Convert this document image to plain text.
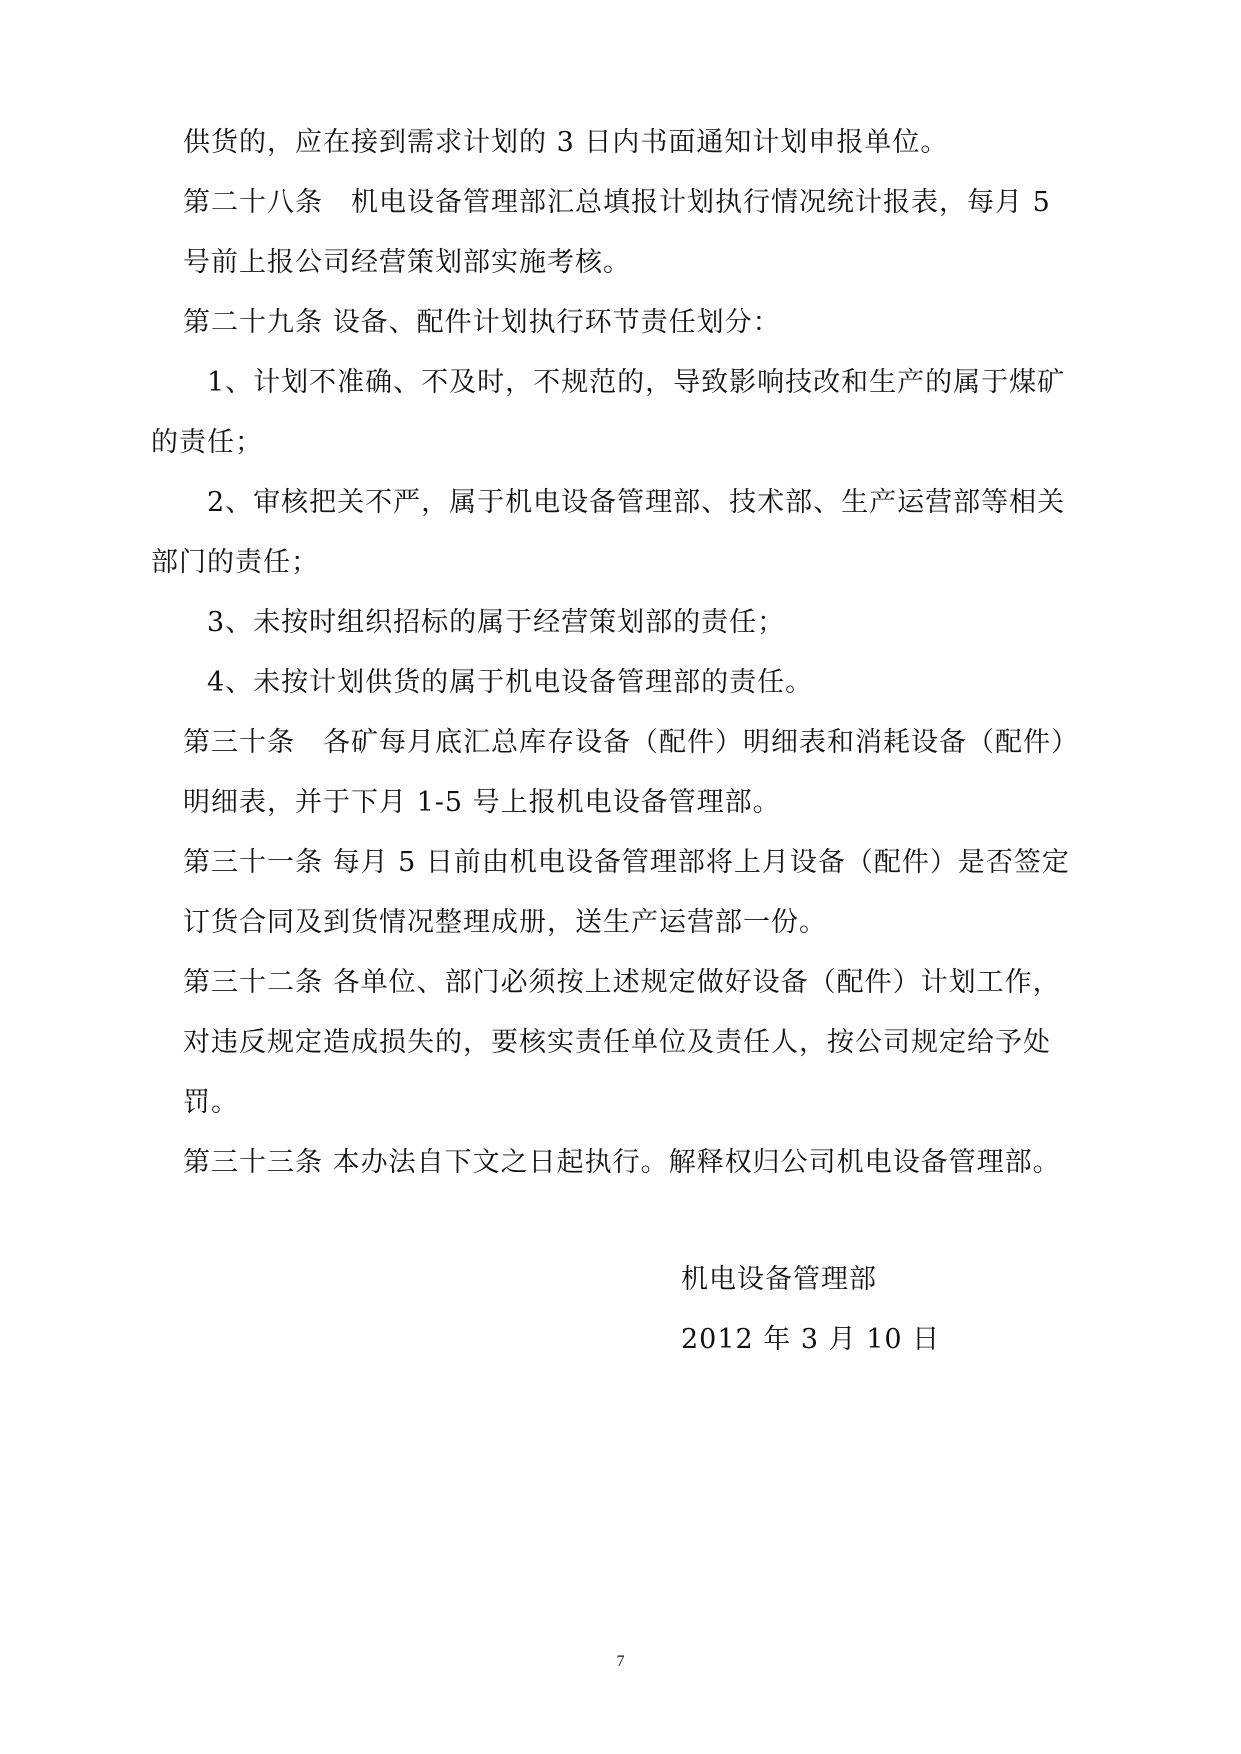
供货的，应在接到需求计划的 3 日内书面通知计划申报单位。
第二十八条　机电设备管理部汇总填报计划执行情况统计报表，每月 5
号前上报公司经营策划部实施考核。
第二十九条 设备、配件计划执行环节责任划分：
1、计划不准确、不及时，不规范的，导致影响技改和生产的属于煤矿
的责任；
2、审核把关不严，属于机电设备管理部、技术部、生产运营部等相关
部门的责任；
3、未按时组织招标的属于经营策划部的责任；
4、未按计划供货的属于机电设备管理部的责任。
第三十条　各矿每月底汇总库存设备（配件）明细表和消耗设备（配件）
明细表，并于下月 1-5 号上报机电设备管理部。
第三十一条 每月 5 日前由机电设备管理部将上月设备（配件）是否签定
订货合同及到货情况整理成册，送生产运营部一份。
第三十二条 各单位、部门必须按上述规定做好设备（配件）计划工作，
对违反规定造成损失的，要核实责任单位及责任人，按公司规定给予处
罚。
第三十三条 本办法自下文之日起执行。解释权归公司机电设备管理部。
机电设备管理部
2012 年 3 月 10 日
7
